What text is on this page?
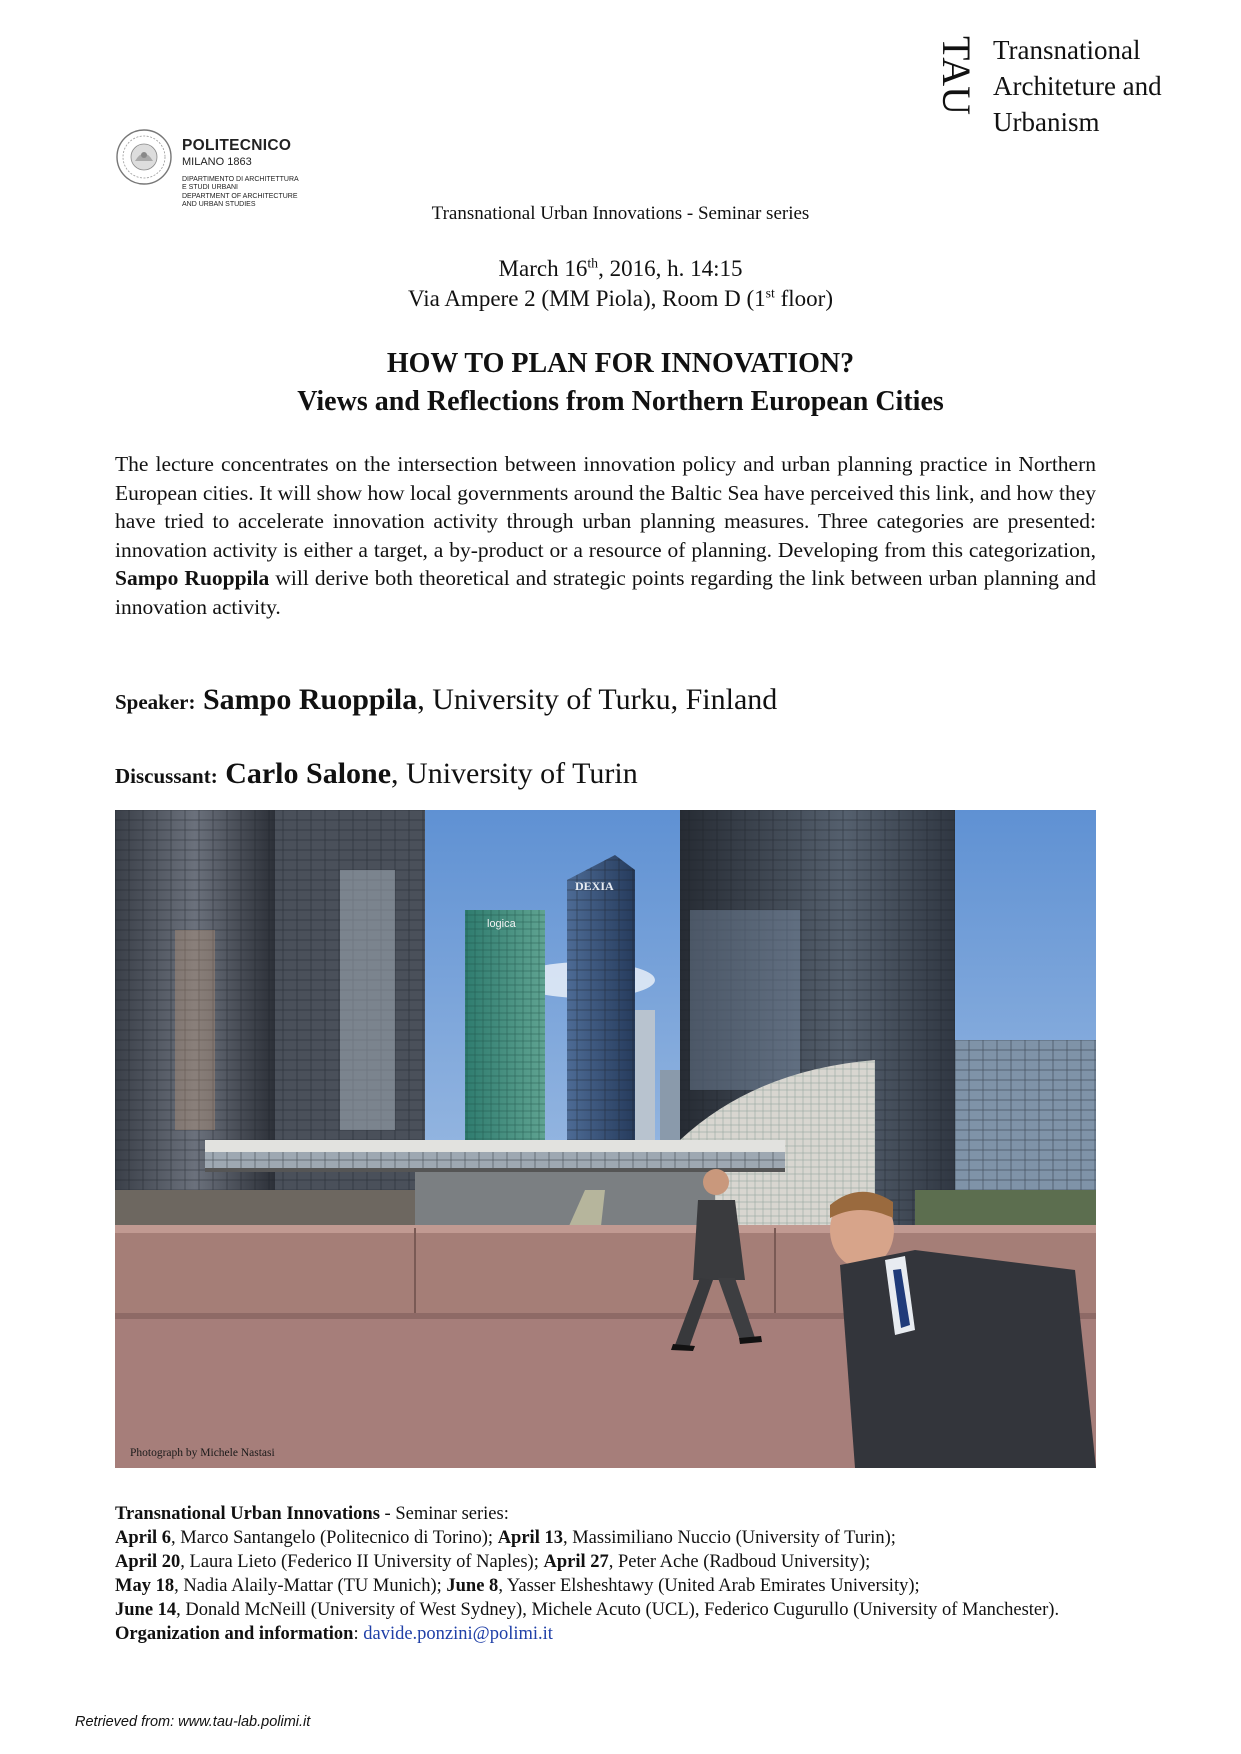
TAU Transnational
Architeture and
Urbanism
POLITECNICO
MILANO 1863
DIPARTIMENTO DI ARCHITETTURA
E STUDI URBANI
DEPARTMENT OF ARCHITECTURE
AND URBAN STUDIES	Transnational Urban Innovations - Seminar series
March 16th, 2016, h. 14:15
Via Ampere 2 (MM Piola), Room D (1st floor)
HOW TO PLAN FOR INNOVATION?
Views and Reflections from Northern European Cities
The lecture concentrates on the intersection between innovation policy and urban planning practice in Northern European cities. It will show how local governments around the Baltic Sea have perceived this link, and how they have tried to accelerate innovation activity through urban planning measures. Three categories are presented: innovation activity is either a target, a by-product or a resource of planning. Developing from this categorization, Sampo Ruoppila will derive both theoretical and strategic points regarding the link between urban planning and innovation activity.
Speaker: Sampo Ruoppila, University of Turku, Finland
Discussant: Carlo Salone, University of Turin
logica
DEXIA
Photograph by Michele Nastasi
Transnational Urban Innovations - Seminar series:
April 6, Marco Santangelo (Politecnico di Torino); April 13, Massimiliano Nuccio (University of Turin);
April 20, Laura Lieto (Federico II University of Naples); April 27, Peter Ache (Radboud University);
May 18, Nadia Alaily-Mattar (TU Munich); June 8, Yasser Elsheshtawy (United Arab Emirates University);
June 14, Donald McNeill (University of West Sydney), Michele Acuto (UCL), Federico Cugurullo (University of Manchester).
Organization and information: davide.ponzini@polimi.it
Retrieved from: www.tau-lab.polimi.it
